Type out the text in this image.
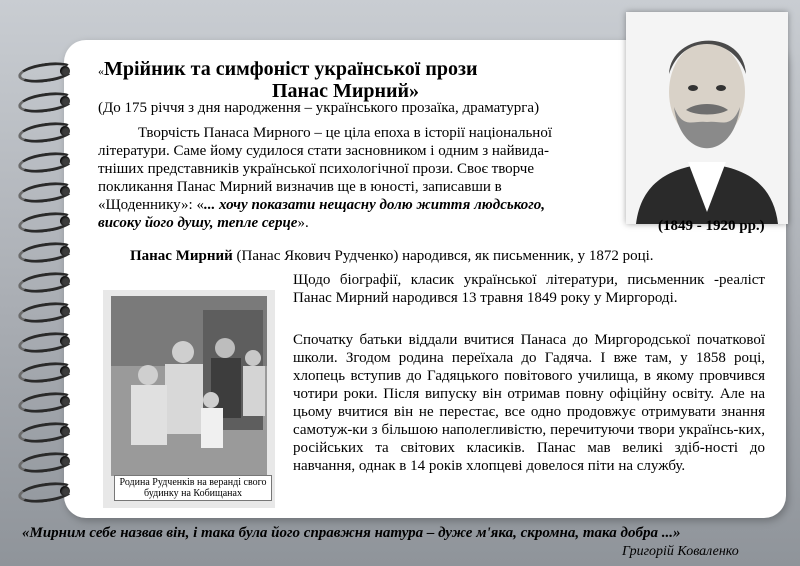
«Мрійник та симфоніст української прози
Панас Мирний»
(До 175 річчя з дня народження – українського прозаїка, драматурга)
Творчість Панаса Мирного – це ціла епоха в історії національної
літератури. Саме йому судилося стати засновником і одним з найвида-
тніших представників української психологічної прози. Своє творче
покликання Панас Мирний визначив ще в юності, записавши в
«Щоденнику»: «... хочу показати нещасну долю життя людського,
високу його душу, тепле серце».
Панас Мирний (Панас Якович Рудченко) народився, як письменник, у 1872 році.
Щодо біографії, класик української літератури, письменник -реаліст Панас Мирний народився 13 травня 1849 року у Миргороді.
Спочатку батьки віддали вчитися Панаса до Миргородської початкової школи. Згодом родина переїхала до Гадяча. І вже там, у 1858 році, хлопець вступив до Гадяцького повітового училища, в якому провчився чотири роки. Після випуску він отримав повну офіційну освіту. Але на цьому вчитися він не перестає, все одно продовжує отримувати знання самотуж-ки з більшою наполегливістю, перечитуючи твори українсь-ких, російських та світових класиків. Панас мав великі здіб-ності до навчання, однак в 14 років хлопцеві довелося піти на службу.
(1849 - 1920 рр.)
Родина Рудченків на веранді свого будинку на Кобищанах
«Мирним себе назвав він, і така була його справжня натура – дуже м'яка, скромна, така добра ...»
Григорій Коваленко
